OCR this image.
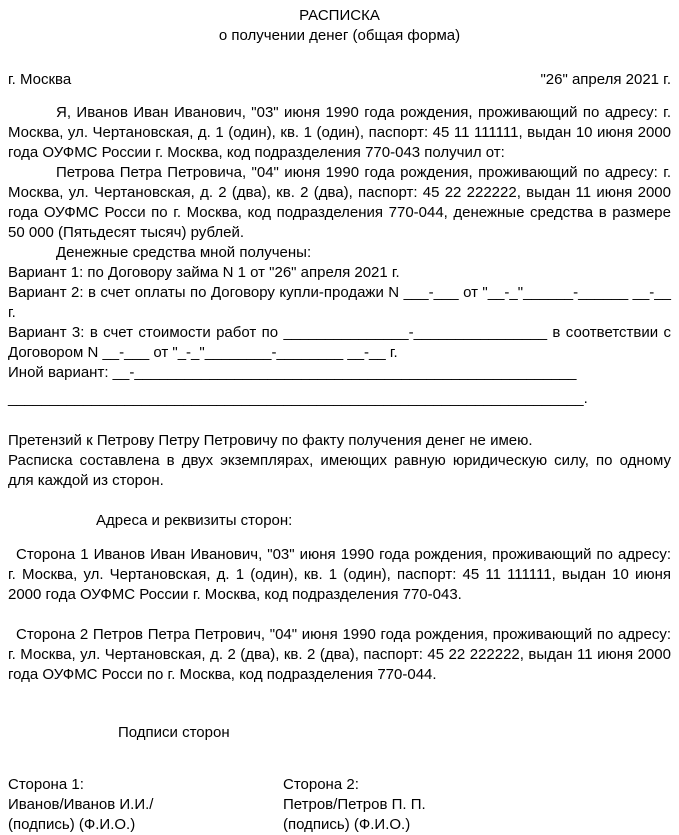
РАСПИСКА
о получении денег (общая форма)
г. Москва	"26" апреля 2021 г.

Я, Иванов Иван Иванович, "03" июня 1990 года рождения, проживающий по адресу: г. Москва, ул. Чертановская, д. 1 (один), кв. 1 (один), паспорт: 45 11 111111, выдан 10 июня 2000 года ОУФМС России г. Москва, код подразделения 770-043 получил от:

Петрова Петра Петровича, "04" июня 1990 года рождения, проживающий по адресу: г. Москва, ул. Чертановская, д. 2 (два), кв. 2 (два), паспорт: 45 22 222222, выдан 11 июня 2000 года ОУФМС Росси по г. Москва, код подразделения 770-044, денежные средства в размере 50 000 (Пятьдесят тысяч) рублей.

Денежные средства мной получены:
Вариант 1: по Договору займа N 1 от "26" апреля 2021 г.
Вариант 2: в счет оплаты по Договору купли-продажи N ___-___ от "__-_"______-______ __-__ г.
Вариант 3: в счет стоимости работ по _______________-________________ в соответствии с
Договором N __-___ от "_-_"________-________ __-__ г.
Иной вариант: __-_____________________________________________________
_____________________________________________________________________.
Претензий к Петрову Петру Петровичу по факту получения денег не имею.

Расписка составлена в двух экземплярах, имеющих равную юридическую силу, по одному для каждой из сторон.

Адреса и реквизиты сторон:

Сторона 1 Иванов Иван Иванович, "03" июня 1990 года рождения, проживающий по адресу: г. Москва, ул. Чертановская, д. 1 (один), кв. 1 (один), паспорт: 45 11 111111, выдан 10 июня 2000 года ОУФМС России г. Москва, код подразделения 770-043.

Сторона 2 Петров Петра Петрович, "04" июня 1990 года рождения, проживающий по адресу: г. Москва, ул. Чертановская, д. 2 (два), кв. 2 (два), паспорт: 45 22 222222, выдан 11 июня 2000 года ОУФМС Росси по г. Москва, код подразделения 770-044.

Подписи сторон
Сторона 1:
Иванов/Иванов И.И./
(подпись) (Ф.И.О.)
Сторона 2:
Петров/Петров П. П.
(подпись) (Ф.И.О.)
